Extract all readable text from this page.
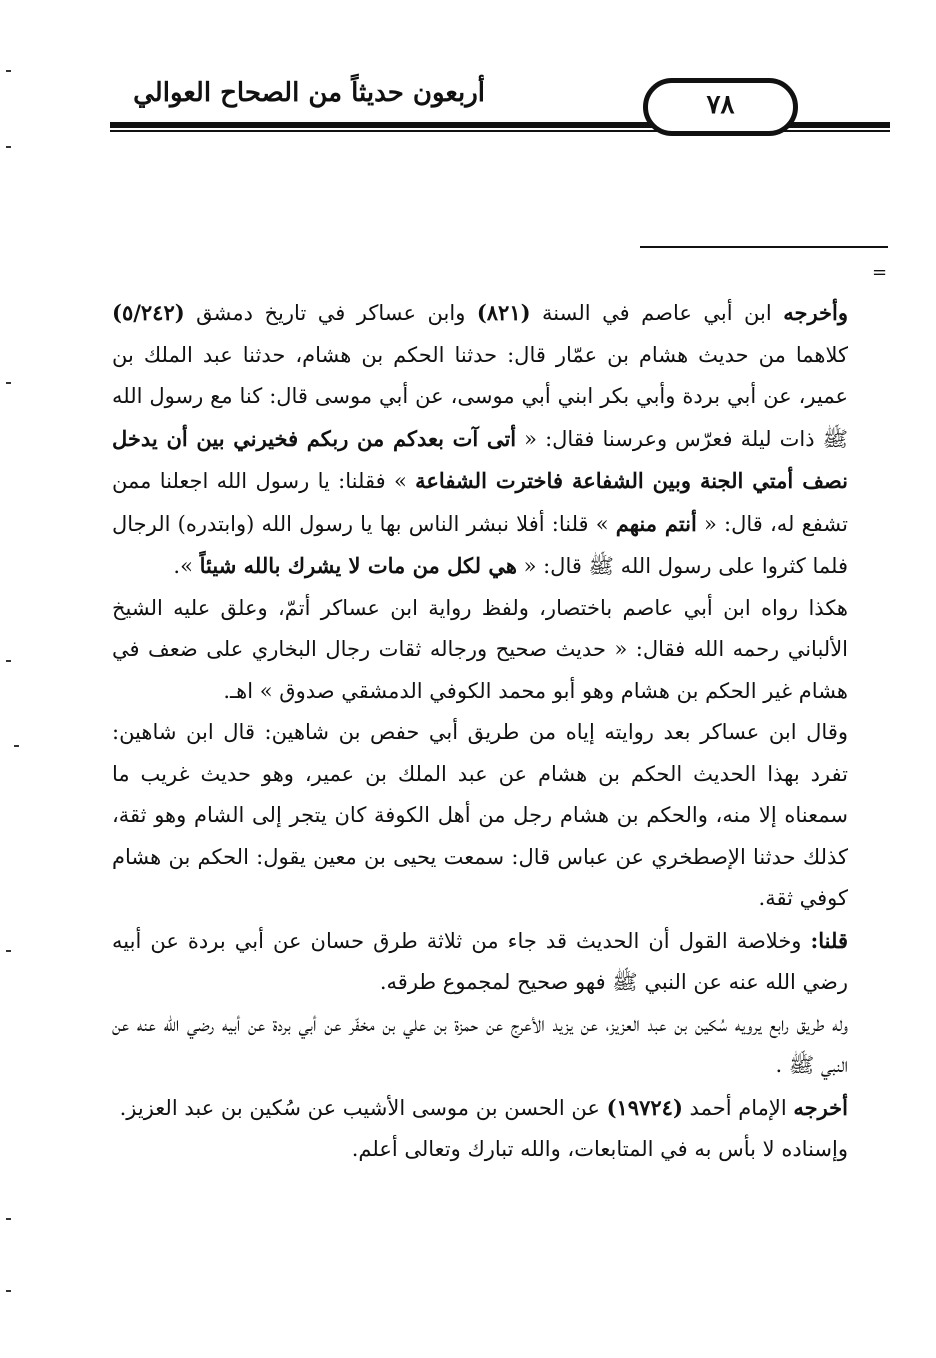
أربعون حديثاً من الصحاح العوالي	٧٨
=

وأخرجه ابن أبي عاصم في السنة (٨٢١) وابن عساكر في تاريخ دمشق (٥/٢٤٢) كلاهما من حديث هشام بن عمّار قال: حدثنا الحكم بن هشام، حدثنا عبد الملك بن عمير، عن أبي بردة وأبي بكر ابني أبي موسى، عن أبي موسى قال: كنا مع رسول الله ﷺ ذات ليلة فعرّس وعرسنا فقال: « أتى آت بعدكم من ربكم فخيرني بين أن يدخل نصف أمتي الجنة وبين الشفاعة فاخترت الشفاعة » فقلنا: يا رسول الله اجعلنا ممن تشفع له، قال: « أنتم منهم » قلنا: أفلا نبشر الناس بها يا رسول الله (وابتدره) الرجال فلما كثروا على رسول الله ﷺ قال: « هي لكل من مات لا يشرك بالله شيئاً ».

هكذا رواه ابن أبي عاصم باختصار، ولفظ رواية ابن عساكر أتمّ، وعلق عليه الشيخ الألباني رحمه الله فقال: « حديث صحيح ورجاله ثقات رجال البخاري على ضعف في هشام غير الحكم بن هشام وهو أبو محمد الكوفي الدمشقي صدوق » اهـ.

وقال ابن عساكر بعد روايته إياه من طريق أبي حفص بن شاهين: قال ابن شاهين: تفرد بهذا الحديث الحكم بن هشام عن عبد الملك بن عمير، وهو حديث غريب ما سمعناه إلا منه، والحكم بن هشام رجل من أهل الكوفة كان يتجر إلى الشام وهو ثقة، كذلك حدثنا الإصطخري عن عباس قال: سمعت يحيى بن معين يقول: الحكم بن هشام كوفي ثقة.

قلنا: وخلاصة القول أن الحديث قد جاء من ثلاثة طرق حسان عن أبي بردة عن أبيه رضي الله عنه عن النبي ﷺ فهو صحيح لمجموع طرقه.

وله طريق رابع يرويه سُكين بن عبد العزيز، عن يزيد الأعرج عن حمزة بن علي بن مخفّر عن أبي بردة عن أبيه رضي الله عنه عن النبي ﷺ .

أخرجه الإمام أحمد (١٩٧٢٤) عن الحسن بن موسى الأشيب عن سُكين بن عبد العزيز.

وإسناده لا بأس به في المتابعات، والله تبارك وتعالى أعلم.
